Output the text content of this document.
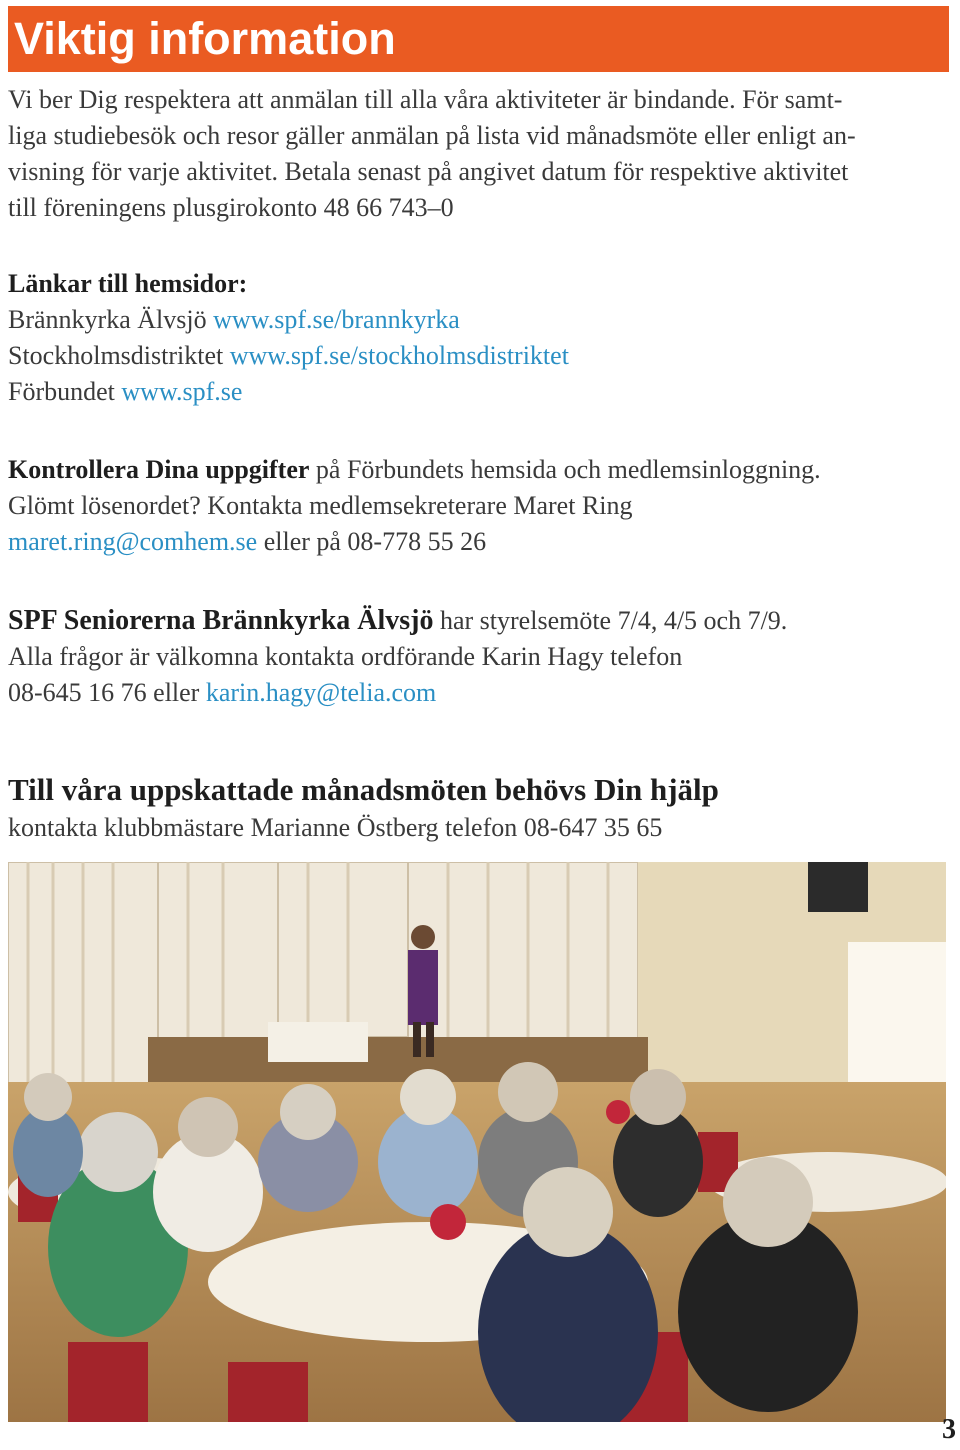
Viktig information
Vi ber Dig respektera att anmälan till alla våra aktiviteter är bindande. För samt-
liga studiebesök och resor gäller anmälan på lista vid månadsmöte eller enligt an-
visning för varje aktivitet. Betala senast på angivet datum för respektive aktivitet
till föreningens plusgirokonto 48 66 743–0
Länkar till hemsidor:
Brännkyrka Älvsjö www.spf.se/brannkyrka
Stockholmsdistriktet www.spf.se/stockholmsdistriktet
Förbundet www.spf.se
Kontrollera Dina uppgifter på Förbundets hemsida och medlemsinloggning.
Glömt lösenordet? Kontakta medlemsekreterare Maret Ring
maret.ring@comhem.se eller på 08-778 55 26
SPF Seniorerna Brännkyrka Älvsjö har styrelsemöte 7/4, 4/5 och 7/9.
Alla frågor är välkomna kontakta ordförande Karin Hagy telefon
08-645 16 76 eller karin.hagy@telia.com
Till våra uppskattade månadsmöten behövs Din hjälp
kontakta klubbmästare Marianne Östberg telefon 08-647 35 65
3
